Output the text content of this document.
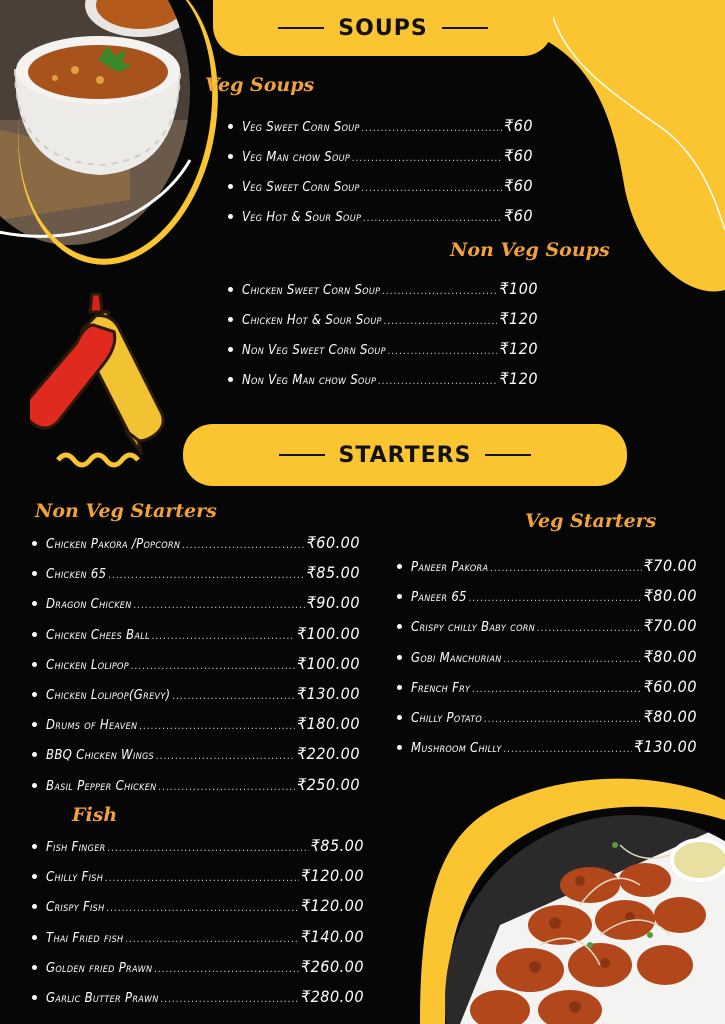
SOUPS
Veg Soups
Veg Sweet Corn Soup .....	₹60
Veg Man chow Soup .....	₹60
Veg Sweet Corn Soup .....	₹60
Veg Hot & Sour Soup .....	₹60
Non Veg Soups
Chicken Sweet Corn Soup .....	₹100
Chicken Hot & Sour Soup .....	₹120
Non Veg Sweet Corn Soup .....	₹120
Non Veg Man chow Soup .....	₹120
STARTERS
Non Veg Starters
Chicken Pakora /Popcorn .....	₹60.00
Chicken 65 .....	₹85.00
Dragon Chicken .....	₹90.00
Chicken Chees Ball .....	₹100.00
Chicken Lolipop .....	₹100.00
Chicken Lolipop(Grevy) .....	₹130.00
Drums of Heaven .....	₹180.00
BBQ Chicken Wings .....	₹220.00
Basil Pepper Chicken .....	₹250.00
Fish
Fish Finger .....	₹85.00
Chilly Fish .....	₹120.00
Crispy Fish .....	₹120.00
Thai Fried fish .....	₹140.00
Golden fried Prawn .....	₹260.00
Garlic Butter Prawn .....	₹280.00
Veg Starters
Paneer Pakora .....	₹70.00
Paneer 65 .....	₹80.00
Crispy chilly Baby corn .....	₹70.00
Gobi Manchurian .....	₹80.00
French Fry .....	₹60.00
Chilly Potato .....	₹80.00
Mushroom Chilly .....	₹130.00
